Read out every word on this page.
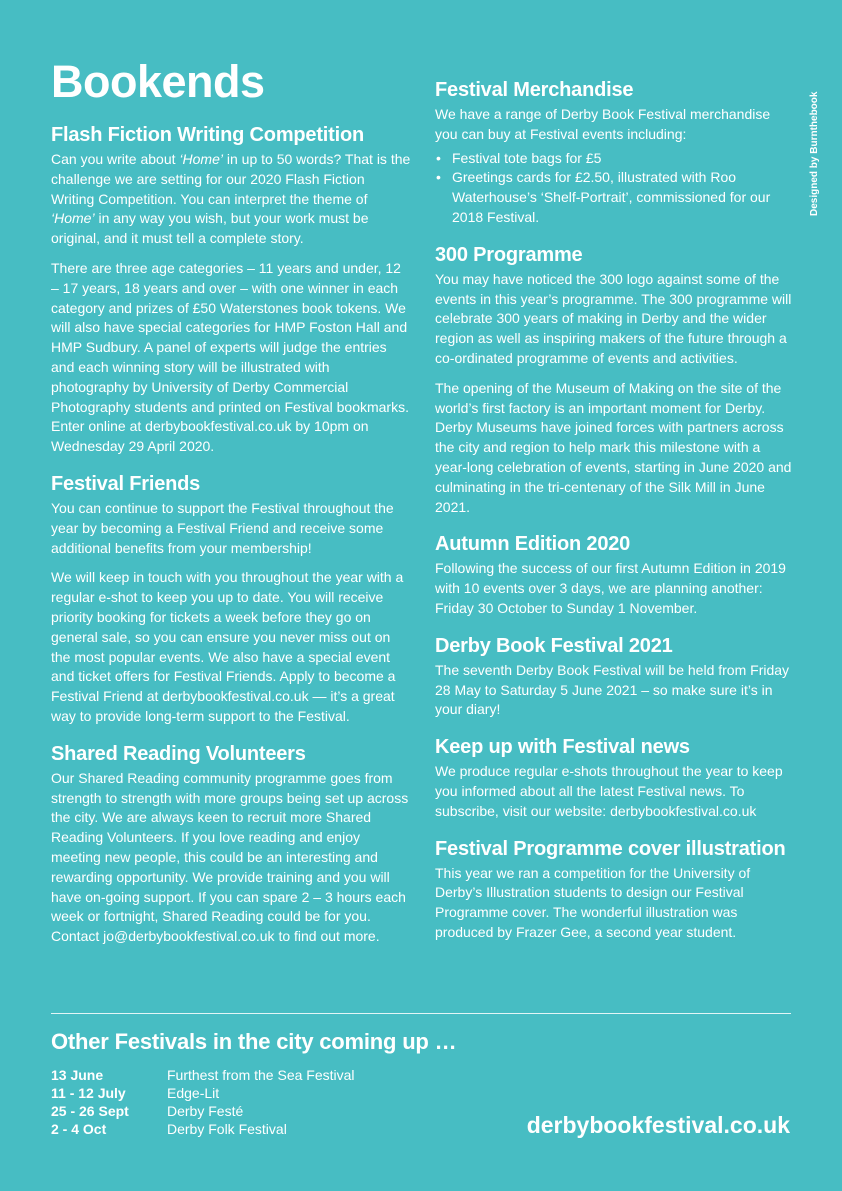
Bookends
Designed by Burnthebook
Flash Fiction Writing Competition

Can you write about ‘Home’ in up to 50 words? That is the challenge we are setting for our 2020 Flash Fiction Writing Competition. You can interpret the theme of ‘Home’ in any way you wish, but your work must be original, and it must tell a complete story.

There are three age categories – 11 years and under, 12 – 17 years, 18 years and over – with one winner in each category and prizes of £50 Waterstones book tokens. We will also have special categories for HMP Foston Hall and HMP Sudbury. A panel of experts will judge the entries and each winning story will be illustrated with photography by University of Derby Commercial Photography students and printed on Festival bookmarks. Enter online at derbybookfestival.co.uk by 10pm on Wednesday 29 April 2020.

Festival Friends

You can continue to support the Festival throughout the year by becoming a Festival Friend and receive some additional benefits from your membership!

We will keep in touch with you throughout the year with a regular e-shot to keep you up to date. You will receive priority booking for tickets a week before they go on general sale, so you can ensure you never miss out on the most popular events. We also have a special event and ticket offers for Festival Friends. Apply to become a Festival Friend at derbybookfestival.co.uk — it’s a great way to provide long-term support to the Festival.

Shared Reading Volunteers

Our Shared Reading community programme goes from strength to strength with more groups being set up across the city. We are always keen to recruit more Shared Reading Volunteers. If you love reading and enjoy meeting new people, this could be an interesting and rewarding opportunity. We provide training and you will have on-going support. If you can spare 2 – 3 hours each week or fortnight, Shared Reading could be for you. Contact jo@derbybookfestival.co.uk to find out more.

Festival Merchandise

We have a range of Derby Book Festival merchandise you can buy at Festival events including:

• Festival tote bags for £5
• Greetings cards for £2.50, illustrated with Roo Waterhouse’s ‘Shelf-Portrait’, commissioned for our 2018 Festival.
300 Programme

You may have noticed the 300 logo against some of the events in this year’s programme. The 300 programme will celebrate 300 years of making in Derby and the wider region as well as inspiring makers of the future through a co-ordinated programme of events and activities.

The opening of the Museum of Making on the site of the world’s first factory is an important moment for Derby. Derby Museums have joined forces with partners across the city and region to help mark this milestone with a year-long celebration of events, starting in June 2020 and culminating in the tri-centenary of the Silk Mill in June 2021.

Autumn Edition 2020

Following the success of our first Autumn Edition in 2019 with 10 events over 3 days, we are planning another: Friday 30 October to Sunday 1 November.

Derby Book Festival 2021

The seventh Derby Book Festival will be held from Friday 28 May to Saturday 5 June 2021 – so make sure it’s in your diary!

Keep up with Festival news

We produce regular e-shots throughout the year to keep you informed about all the latest Festival news. To subscribe, visit our website: derbybookfestival.co.uk

Festival Programme cover illustration

This year we ran a competition for the University of Derby’s Illustration students to design our Festival Programme cover. The wonderful illustration was produced by Frazer Gee, a second year student.

Other Festivals in the city coming up …
13 June	Furthest from the Sea Festival
11 - 12 July	Edge-Lit
25 - 26 Sept	Derby Festé
2 - 4 Oct	Derby Folk Festival	derbybookfestival.co.uk
